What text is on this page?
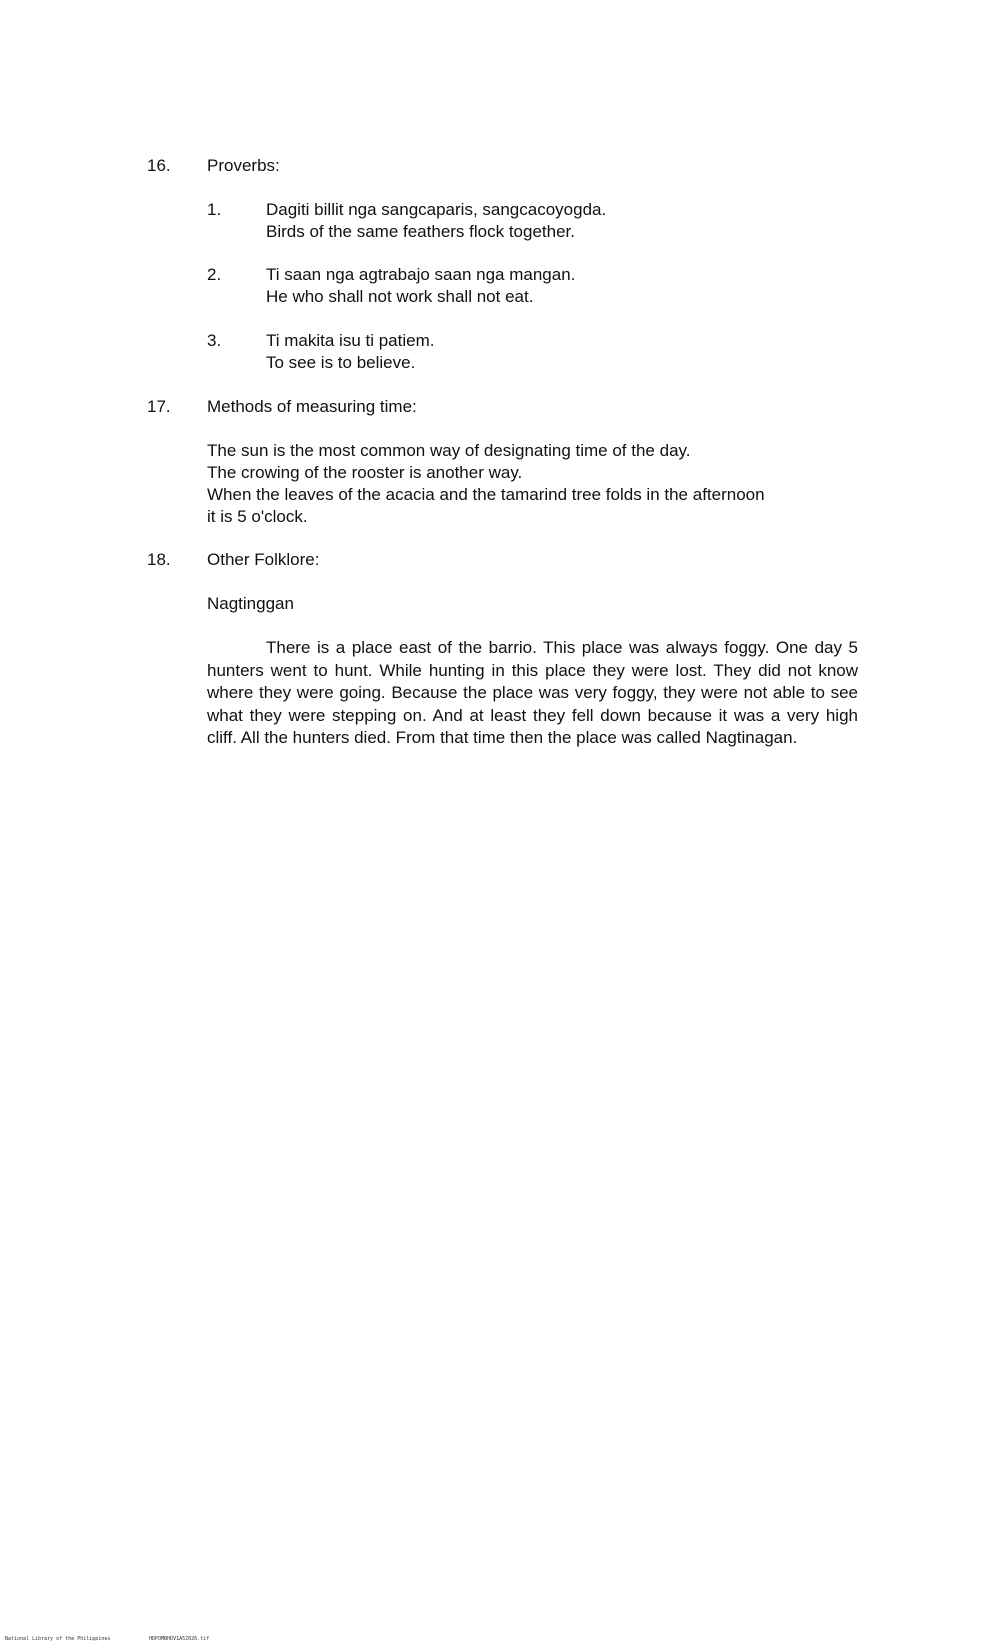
16. Proverbs:
1.	Dagiti billit nga sangcaparis, sangcacoyogda.
Birds of the same feathers flock together.
2.	Ti saan nga agtrabajo saan nga mangan.
He who shall not work shall not eat.
3.	Ti makita isu ti patiem.
To see is to believe.
17. Methods of measuring time:
The sun is the most common way of designating time of the day.
The crowing of the rooster is another way.
When the leaves of the acacia and the tamarind tree folds in the afternoon
it is 5 o'clock.
18. Other Folklore:
Nagtinggan

There is a place east of the barrio. This place was always foggy. One day 5 hunters went to hunt. While hunting in this place they were lost. They did not know where they were going. Because the place was very foggy, they were not able to see what they were stepping on. And at least they fell down because it was a very high cliff. All the hunters died. From that time then the place was called Nagtinagan.

National Library of the Philippines	HDPOMBHDV1A52026.tif
